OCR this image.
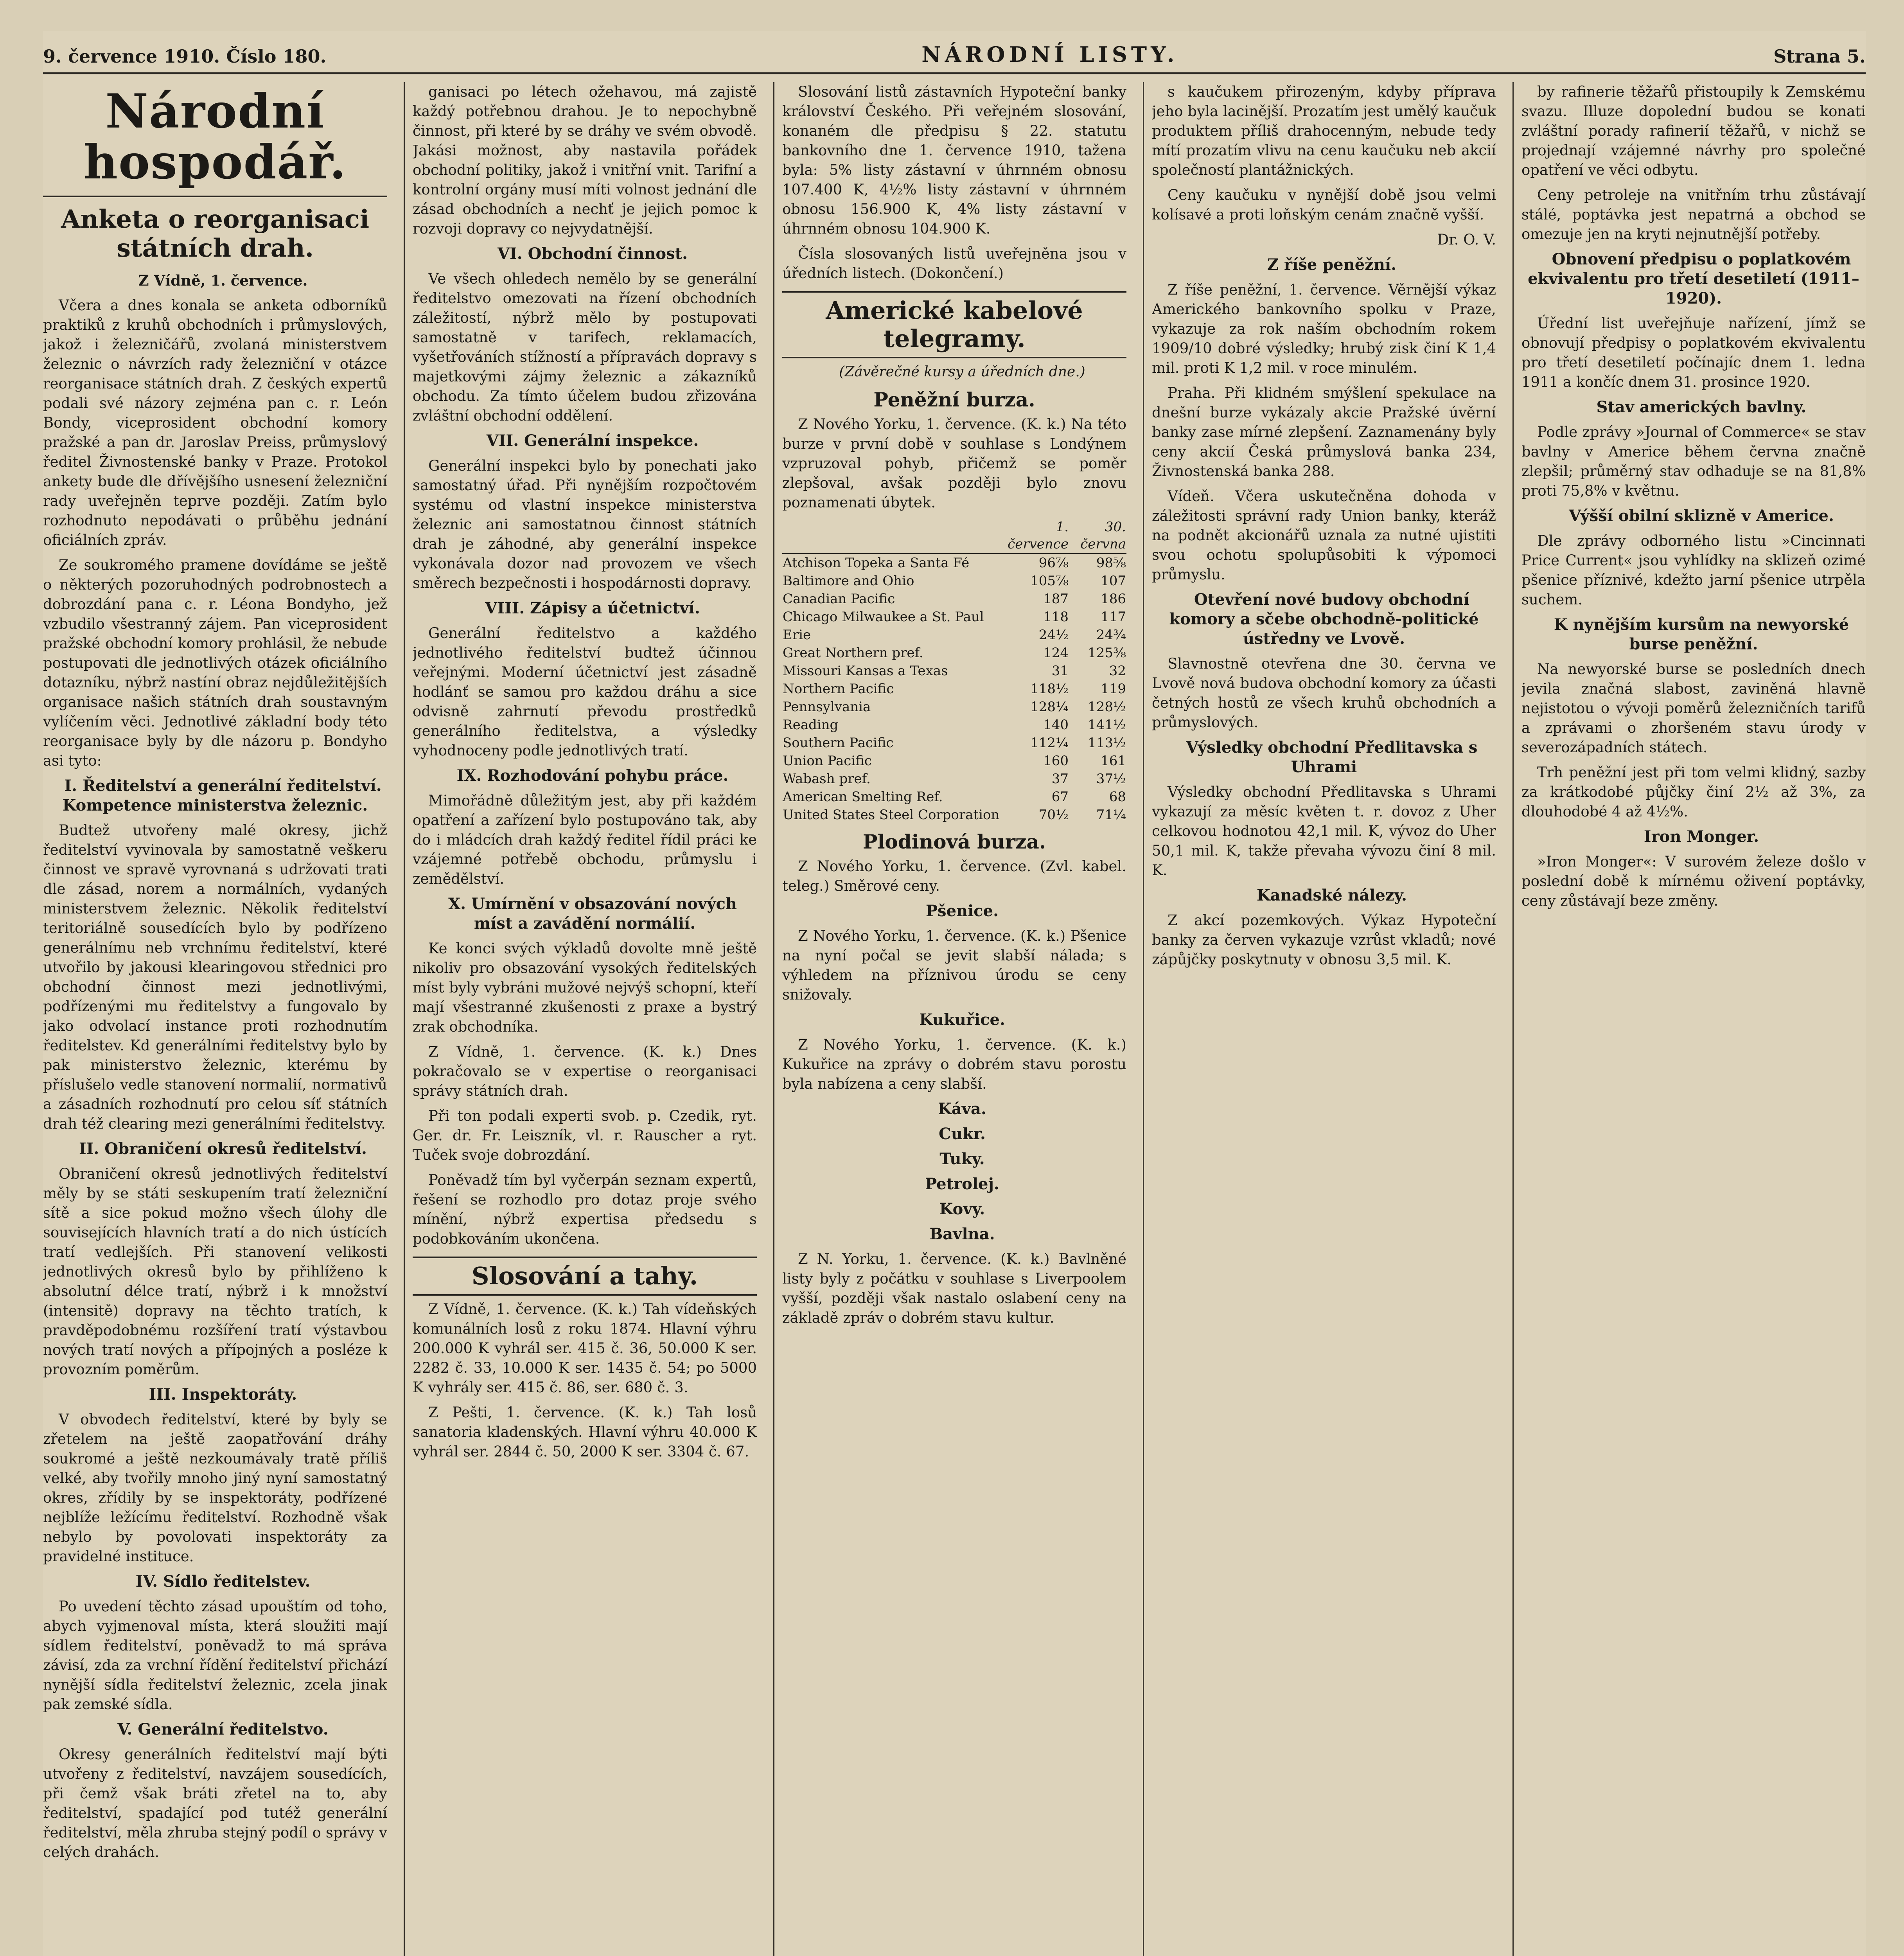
9. července 1910. Číslo 180.	NÁRODNÍ LISTY.	Strana 5.
Národní hospodář.
Anketa o reorganisaci státních drah.

Z Vídně, 1. července.

Včera a dnes konala se anketa odborníků praktiků z kruhů obchodních i průmyslových, jakož i železničářů, zvolaná ministerstvem železnic o návrzích rady železniční v otázce reorganisace státních drah. Z českých expertů podali své názory zejména pan c. r. León Bondy, viceprosident obchodní komory pražské a pan dr. Jaroslav Preiss, průmyslový ředitel Živnostenské banky v Praze. Protokol ankety bude dle dřívějšího usnesení železniční rady uveřejněn teprve později. Zatím bylo rozhodnuto nepodávati o průběhu jednání oficiálních zpráv.

Ze soukromého pramene dovídáme se ještě o některých pozoruhodných podrobnostech a dobrozdání pana c. r. Léona Bondyho, jež vzbudilo všestranný zájem. Pan viceprosident pražské obchodní komory prohlásil, že nebude postupovati dle jednotlivých otázek oficiálního dotazníku, nýbrž nastíní obraz nejdůležitějších organisace našich státních drah soustavným vylíčením věci. Jednotlivé základní body této reorganisace byly by dle názoru p. Bondyho asi tyto:

I. Ředitelství a generální ředitelství. Kompetence ministerstva železnic.

Budtež utvořeny malé okresy, jichž ředitelství vyvinovala by samostatně veškeru činnost ve spravě vyrovnaná s udržovati trati dle zásad, norem a normálních, vydaných ministerstvem železnic. Několik ředitelství teritoriálně sousedících bylo by podřízeno generálnímu neb vrchnímu ředitelství, které utvořilo by jakousi klearingovou střednici pro obchodní činnost mezi jednotlivými, podřízenými mu ředitelstvy a fungovalo by jako odvolací instance proti rozhodnutím ředitelstev. Kd generálními ředitelstvy bylo by pak ministerstvo železnic, kterému by příslušelo vedle stanovení normalií, normativů a zásadních rozhodnutí pro celou síť státních drah též clearing mezi generálními ředitelstvy.

II. Obraničení okresů ředitelství.

Obraničení okresů jednotlivých ředitelství měly by se státi seskupením tratí železniční sítě a sice pokud možno všech úlohy dle souvisejících hlavních tratí a do nich ústících tratí vedlejších. Při stanovení velikosti jednotlivých okresů bylo by přihlíženo k absolutní délce tratí, nýbrž i k množství (intensitě) dopravy na těchto tratích, k pravděpodobnému rozšíření tratí výstavbou nových tratí nových a přípojných a posléze k provozním poměrům.

III. Inspektoráty.

V obvodech ředitelství, které by byly se zřetelem na ještě zaopatřování dráhy soukromé a ještě nezkoumávaly tratě příliš velké, aby tvořily mnoho jiný nyní samostatný okres, zřídily by se inspektoráty, podřízené nejblíže ležícímu ředitelství. Rozhodně však nebylo by povolovati inspektoráty za pravidelné instituce.

IV. Sídlo ředitelstev.

Po uvedení těchto zásad upouštím od toho, abych vyjmenoval místa, která sloužiti mají sídlem ředitelství, poněvadž to má správa závisí, zda za vrchní řídění ředitelství přichází nynější sídla ředitelství železnic, zcela jinak pak zemské sídla.

V. Generální ředitelstvo.

Okresy generálních ředitelství mají býti utvořeny z ředitelství, navzájem sousedících, při čemž však bráti zřetel na to, aby ředitelství, spadající pod tutéž generální ředitelství, měla zhruba stejný podíl o správy v celých drahách.

ganisaci po létech ožehavou, má zajistě každý potřebnou drahou. Je to nepochybně činnost, při které by se dráhy ve svém obvodě. Jakási možnost, aby nastavila pořádek obchodní politiky, jakož i vnitřní vnit. Tarifní a kontrolní orgány musí míti volnost jednání dle zásad obchodních a nechť je jejich pomoc k rozvoji dopravy co nejvydatnější.

VI. Obchodní činnost.

Ve všech ohledech nemělo by se generální ředitelstvo omezovati na řízení obchodních záležitostí, nýbrž mělo by postupovati samostatně v tarifech, reklamacích, vyšetřováních stížností a přípravách dopravy s majetkovými zájmy železnic a zákazníků obchodu. Za tímto účelem budou zřizována zvláštní obchodní oddělení.

VII. Generální inspekce.

Generální inspekci bylo by ponechati jako samostatný úřad. Při nynějším rozpočtovém systému od vlastní inspekce ministerstva železnic ani samostatnou činnost státních drah je záhodné, aby generální inspekce vykonávala dozor nad provozem ve všech směrech bezpečnosti i hospodárnosti dopravy.

VIII. Zápisy a účetnictví.

Generální ředitelstvo a každého jednotlivého ředitelství budtež účinnou veřejnými. Moderní účetnictví jest zásadně hodlánť se samou pro každou dráhu a sice odvisně zahrnutí převodu prostředků generálního ředitelstva, a výsledky vyhodnoceny podle jednotlivých tratí.

IX. Rozhodování pohybu práce.

Mimořádně důležitým jest, aby při každém opatření a zařízení bylo postupováno tak, aby do i mládcích drah každý ředitel řídil práci ke vzájemné potřebě obchodu, průmyslu i zemědělství.

X. Umírnění v obsazování nových míst a zavádění normálií.

Ke konci svých výkladů dovolte mně ještě nikoliv pro obsazování vysokých ředitelských míst byly vybráni mužové nejvýš schopní, kteří mají všestranné zkušenosti z praxe a bystrý zrak obchodníka.

Z Vídně, 1. července. (K. k.) Dnes pokračovalo se v expertise o reorganisaci správy státních drah.

Při ton podali experti svob. p. Czedik, ryt. Ger. dr. Fr. Leiszník, vl. r. Rauscher a ryt. Tuček svoje dobrozdání.

Poněvadž tím byl vyčerpán seznam expertů, řešení se rozhodlo pro dotaz proje svého mínění, nýbrž expertisa předsedu s podobkováním ukončena.

Slosování a tahy.

Z Vídně, 1. července. (K. k.) Tah vídeňských komunálních losů z roku 1874. Hlavní výhru 200.000 K vyhrál ser. 415 č. 36, 50.000 K ser. 2282 č. 33, 10.000 K ser. 1435 č. 54; po 5000 K vyhrály ser. 415 č. 86, ser. 680 č. 3.

Z Pešti, 1. července. (K. k.) Tah losů sanatoria kladenských. Hlavní výhru 40.000 K vyhrál ser. 2844 č. 50, 2000 K ser. 3304 č. 67.

Slosování listů zástavních Hypoteční banky království Českého. Při veřejném slosování, konaném dle předpisu § 22. statutu bankovního dne 1. července 1910, tažena byla: 5% listy zástavní v úhrnném obnosu 107.400 K, 4½% listy zástavní v úhrnném obnosu 156.900 K, 4% listy zástavní v úhrnném obnosu 104.900 K.

Čísla slosovaných listů uveřejněna jsou v úředních listech. (Dokončení.)

Americké kabelové telegramy.

(Závěrečné kursy a úředních dne.)

Peněžní burza.

Z Nového Yorku, 1. července. (K. k.) Na této burze v první době v souhlase s Londýnem vzpruzoval pohyb, přičemž se poměr zlepšoval, avšak později bylo znovu poznamenati úbytek.

	1. července	30. června
Atchison Topeka a Santa Fé	96⅞	98⅝
Baltimore and Ohio	105⅞	107
Canadian Pacific	187	186
Chicago Milwaukee a St. Paul	118	117
Erie	24½	24¾
Great Northern pref.	124	125⅜
Missouri Kansas a Texas	31	32
Northern Pacific	118½	119
Pennsylvania	128¼	128½
Reading	140	141½
Southern Pacific	112¼	113½
Union Pacific	160	161
Wabash pref.	37	37½
American Smelting Ref.	67	68
United States Steel Corporation	70½	71¼
Plodinová burza.

Z Nového Yorku, 1. července. (Zvl. kabel. teleg.) Směrové ceny.

Pšenice.

Z Nového Yorku, 1. července. (K. k.) Pšenice na nyní počal se jevit slabší nálada; s výhledem na příznivou úrodu se ceny snižovaly.

Kukuřice.

Z Nového Yorku, 1. července. (K. k.) Kukuřice na zprávy o dobrém stavu porostu byla nabízena a ceny slabší.

Káva.

Cukr.

Tuky.

Petrolej.

Kovy.

Bavlna.

Z N. Yorku, 1. července. (K. k.) Bavlněné listy byly z počátku v souhlase s Liverpoolem vyšší, později však nastalo oslabení ceny na základě zpráv o dobrém stavu kultur.

s kaučukem přirozeným, kdyby příprava jeho byla lacinější. Prozatím jest umělý kaučuk produktem příliš drahocenným, nebude tedy mítí prozatím vlivu na cenu kaučuku neb akcií společností plantážnických.

Ceny kaučuku v nynější době jsou velmi kolísavé a proti loňským cenám značně vyšší.

Dr. O. V.

Z říše peněžní.

Z říše peněžní, 1. července. Věrnější výkaz Amerického bankovního spolku v Praze, vykazuje za rok naším obchodním rokem 1909/10 dobré výsledky; hrubý zisk činí K 1,4 mil. proti K 1,2 mil. v roce minulém.

Praha. Při klidném smýšlení spekulace na dnešní burze vykázaly akcie Pražské úvěrní banky zase mírné zlepšení. Zaznamenány byly ceny akcií Česká průmyslová banka 234, Živnostenská banka 288.

Vídeň. Včera uskutečněna dohoda v záležitosti správní rady Union banky, kteráž na podnět akcionářů uznala za nutné ujistiti svou ochotu spolupůsobiti k výpomoci průmyslu.

Otevření nové budovy obchodní komory a sčebe obchodně-politické ústředny ve Lvově.

Slavnostně otevřena dne 30. června ve Lvově nová budova obchodní komory za účasti četných hostů ze všech kruhů obchodních a průmyslových.

Výsledky obchodní Předlitavska s Uhrami

Výsledky obchodní Předlitavska s Uhrami vykazují za měsíc květen t. r. dovoz z Uher celkovou hodnotou 42,1 mil. K, vývoz do Uher 50,1 mil. K, takže převaha vývozu činí 8 mil. K.

Kanadské nálezy.

Z akcí pozemkových. Výkaz Hypoteční banky za červen vykazuje vzrůst vkladů; nové zápůjčky poskytnuty v obnosu 3,5 mil. K.

by rafinerie těžařů přistoupily k Zemskému svazu. Illuze dopolední budou se konati zvláštní porady rafinerií těžařů, v nichž se projednají vzájemné návrhy pro společné opatření ve věci odbytu.

Ceny petroleje na vnitřním trhu zůstávají stálé, poptávka jest nepatrná a obchod se omezuje jen na kryti nejnutnější potřeby.

Obnovení předpisu o poplatkovém ekvivalentu pro třetí desetiletí (1911–1920).

Úřední list uveřejňuje nařízení, jímž se obnovují předpisy o poplatkovém ekvivalentu pro třetí desetiletí počínajíc dnem 1. ledna 1911 a končíc dnem 31. prosince 1920.

Stav amerických bavlny.

Podle zprávy »Journal of Commerce« se stav bavlny v Americe během června značně zlepšil; průměrný stav odhaduje se na 81,8% proti 75,8% v květnu.

Výšší obilní sklizně v Americe.

Dle zprávy odborného listu »Cincinnati Price Current« jsou vyhlídky na sklizeň ozimé pšenice příznivé, kdežto jarní pšenice utrpěla suchem.

K nynějším kursům na newyorské burse peněžní.

Na newyorské burse se posledních dnech jevila značná slabost, zaviněná hlavně nejistotou o vývoji poměrů železničních tarifů a zprávami o zhoršeném stavu úrody v severozápadních státech.

Trh peněžní jest při tom velmi klidný, sazby za krátkodobé půjčky činí 2½ až 3%, za dlouhodobé 4 až 4½%.

Iron Monger.

»Iron Monger«: V surovém železe došlo v poslední době k mírnému oživení poptávky, ceny zůstávají beze změny.
